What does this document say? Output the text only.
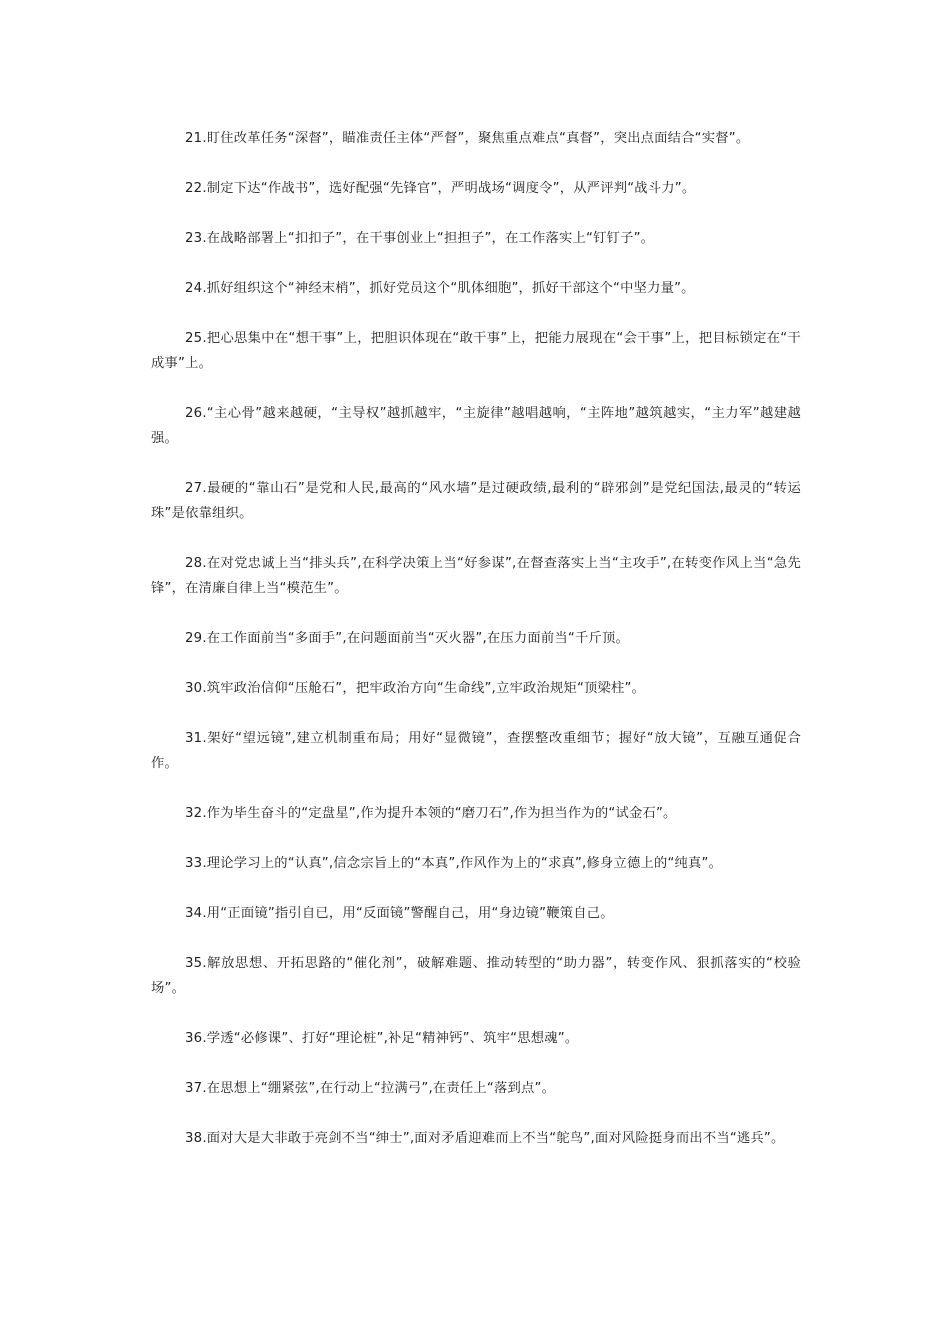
21.盯住改革任务“深督”，瞄准责任主体“严督”，聚焦重点难点“真督”，突出点面结合“实督”。

22.制定下达“作战书”，选好配强“先锋官”，严明战场“调度令”，从严评判“战斗力”。

23.在战略部署上“扣扣子”，在干事创业上“担担子”，在工作落实上“钉钉子”。

24.抓好组织这个“神经末梢”，抓好党员这个“肌体细胞”，抓好干部这个“中坚力量”。

25.把心思集中在“想干事”上，把胆识体现在“敢干事”上，把能力展现在“会干事”上，把目标锁定在“干成事”上。

26.“主心骨”越来越硬，“主导权”越抓越牢，“主旋律”越唱越响，“主阵地”越筑越实，“主力军”越建越强。

27.最硬的“靠山石”是党和人民,最高的“风水墙”是过硬政绩,最利的“辟邪剑”是党纪国法,最灵的“转运珠”是依靠组织。

28.在对党忠诚上当“排头兵”,在科学决策上当“好参谋”,在督查落实上当“主攻手”,在转变作风上当“急先锋”，在清廉自律上当“模范生”。

29.在工作面前当“多面手”,在问题面前当“灭火器”,在压力面前当“千斤顶。

30.筑牢政治信仰“压舱石”，把牢政治方向“生命线”,立牢政治规矩“顶梁柱”。

31.架好“望远镜”,建立机制重布局；用好“显微镜”，查摆整改重细节；握好“放大镜”，互融互通促合作。

32.作为毕生奋斗的“定盘星”,作为提升本领的“磨刀石”,作为担当作为的“试金石”。

33.理论学习上的“认真”,信念宗旨上的“本真”,作风作为上的“求真”,修身立德上的“纯真”。

34.用“正面镜”指引自已，用“反面镜”警醒自己，用“身边镜”鞭策自己。

35.解放思想、开拓思路的“催化剂”，破解难题、推动转型的“助力器”，转变作风、狠抓落实的“校验场”。

36.学透“必修课”、打好“理论桩”,补足“精神钙”、筑牢“思想魂”。

37.在思想上“绷紧弦”,在行动上“拉满弓”,在责任上“落到点”。

38.面对大是大非敢于亮剑不当“绅士”,面对矛盾迎难而上不当“鸵鸟”,面对风险挺身而出不当“逃兵”。
